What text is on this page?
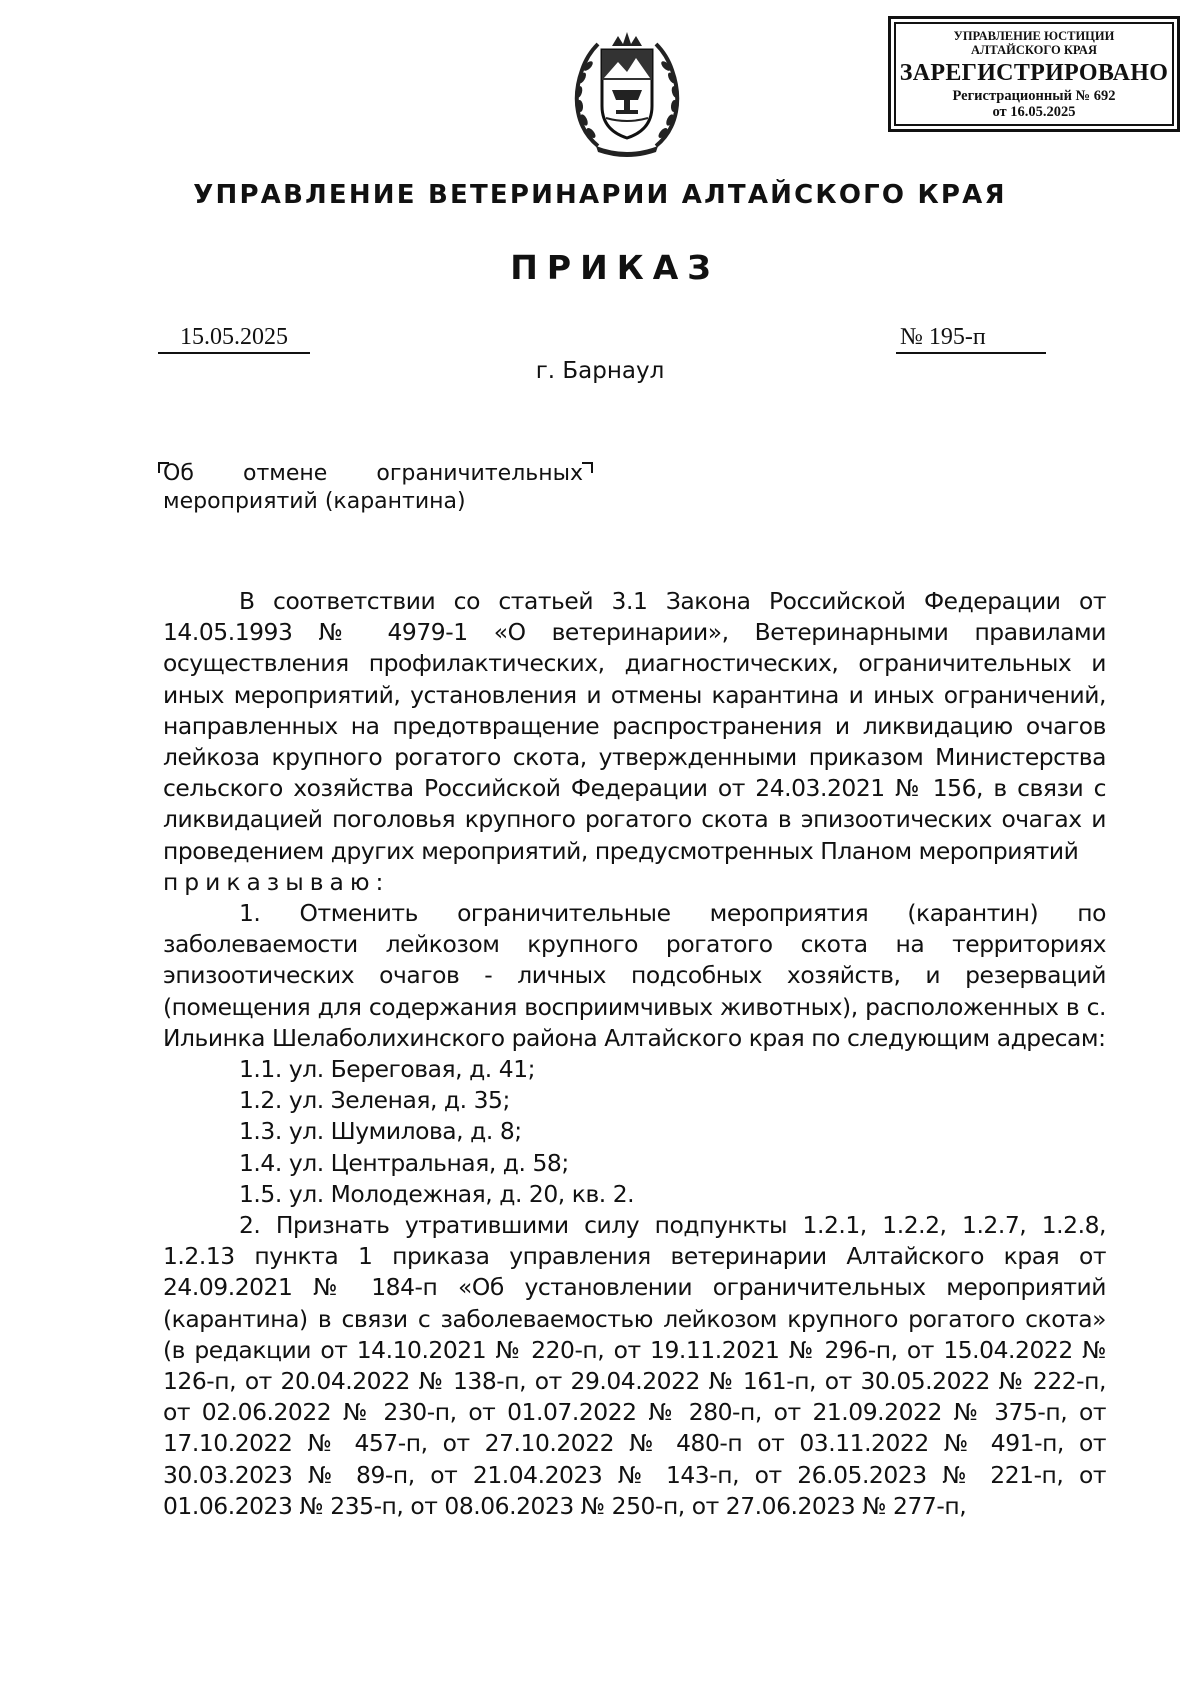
УПРАВЛЕНИЕ ЮСТИЦИИ
АЛТАЙСКОГО КРАЯ
ЗАРЕГИСТРИРОВАНО
Регистрационный № 692
от 16.05.2025
УПРАВЛЕНИЕ ВЕТЕРИНАРИИ АЛТАЙСКОГО КРАЯ
ПРИКАЗ
15.05.2025	№ 195-п
г. Барнаул
Об отмене ограничительных
мероприятий (карантина)

В соответствии со статьей 3.1 Закона Российской Федерации от 14.05.1993 № 4979-1 «О ветеринарии», Ветеринарными правилами осуществления профилактических, диагностических, ограничительных и иных мероприятий, установления и отмены карантина и иных ограничений, направленных на предотвращение распространения и ликвидацию очагов лейкоза крупного рогатого скота, утвержденными приказом Министерства сельского хозяйства Российской Федерации от 24.03.2021 № 156, в связи с ликвидацией поголовья крупного рогатого скота в эпизоотических очагах и проведением других мероприятий, предусмотренных Планом мероприятий

приказываю:

1. Отменить ограничительные мероприятия (карантин) по заболеваемости лейкозом крупного рогатого скота на территориях эпизоотических очагов - личных подсобных хозяйств, и резерваций (помещения для содержания восприимчивых животных), расположенных в с. Ильинка Шелаболихинского района Алтайского края по следующим адресам:

1.1. ул. Береговая, д. 41;

1.2. ул. Зеленая, д. 35;

1.3. ул. Шумилова, д. 8;

1.4. ул. Центральная, д. 58;

1.5. ул. Молодежная, д. 20, кв. 2.

2. Признать утратившими силу подпункты 1.2.1, 1.2.2, 1.2.7, 1.2.8, 1.2.13 пункта 1 приказа управления ветеринарии Алтайского края от 24.09.2021 № 184-п «Об установлении ограничительных мероприятий (карантина) в связи с заболеваемостью лейкозом крупного рогатого скота» (в редакции от 14.10.2021 № 220-п, от 19.11.2021 № 296-п, от 15.04.2022 № 126-п, от 20.04.2022 № 138-п, от 29.04.2022 № 161-п, от 30.05.2022 № 222-п, от 02.06.2022 № 230-п, от 01.07.2022 № 280-п, от 21.09.2022 № 375-п, от 17.10.2022 № 457-п, от 27.10.2022 № 480-п от 03.11.2022 № 491-п, от 30.03.2023 № 89-п, от 21.04.2023 № 143-п, от 26.05.2023 № 221-п, от 01.06.2023 № 235-п, от 08.06.2023 № 250-п, от 27.06.2023 № 277-п,
